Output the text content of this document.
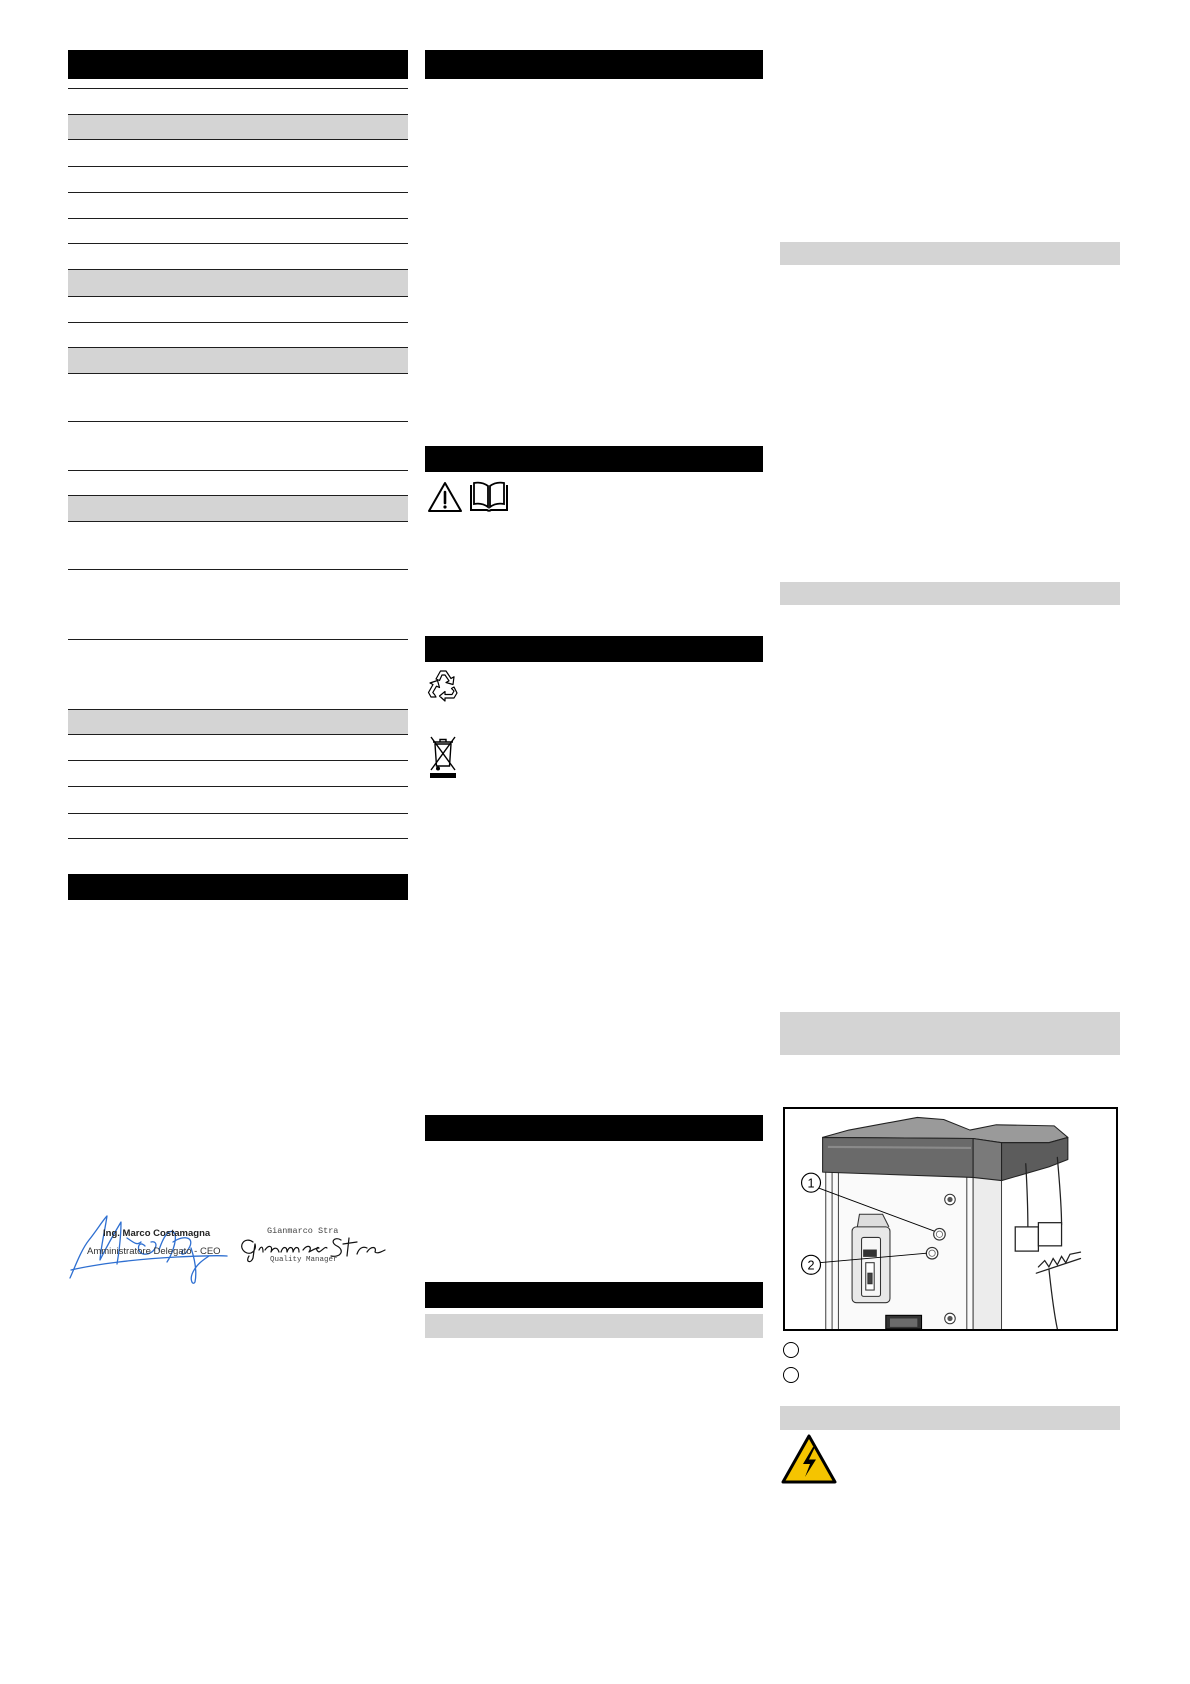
Ing. Marco Costamagna
Amministratore Delegato - CEO
Gianmarco Stra
Quality Manager
1
2
